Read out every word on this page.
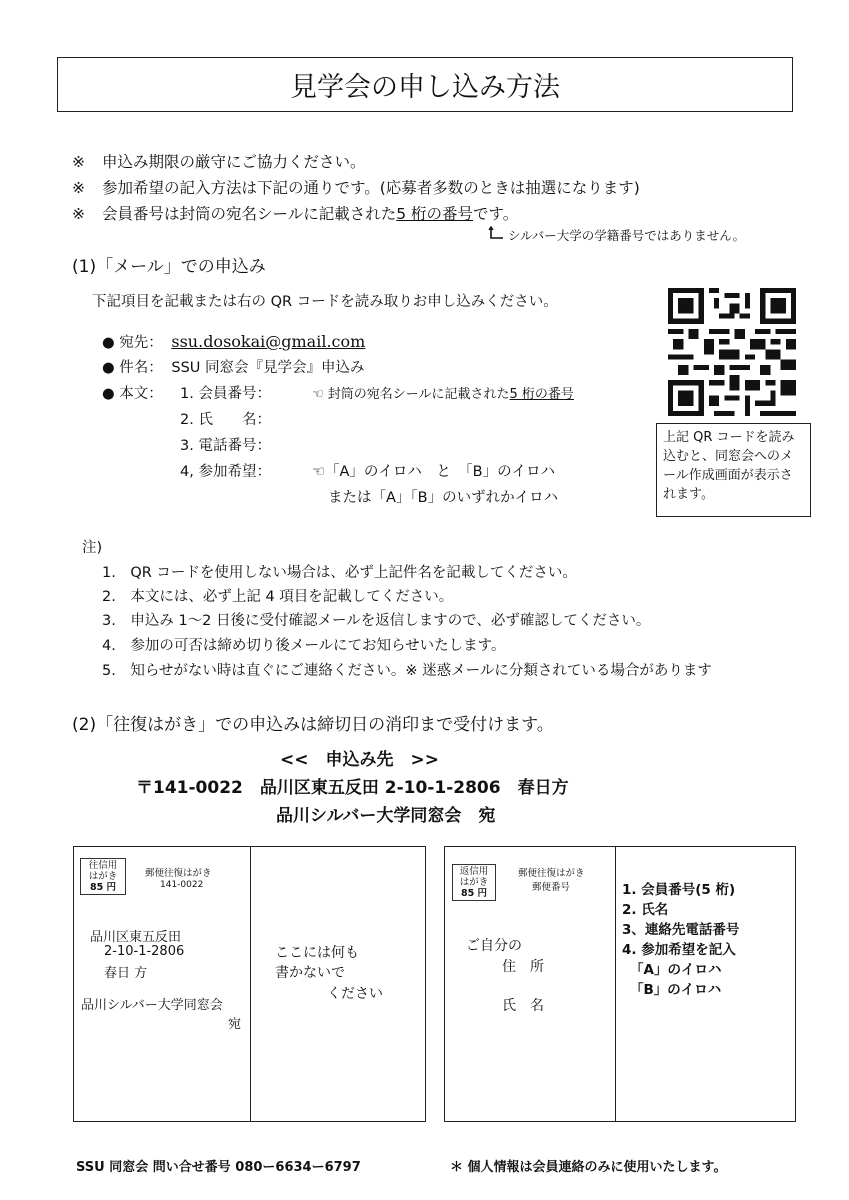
見学会の申し込み方法
※ 申込み期限の厳守にご協力ください。
※ 参加希望の記入方法は下記の通りです。(応募者多数のときは抽選になります)
※ 会員番号は封筒の宛名シールに記載された5 桁の番号です。
シルバー大学の学籍番号ではありません。
(1)「メール」での申込み
下記項目を記載または右の QR コードを読み取りお申し込みください。
上記 QR コードを読み込むと、同窓会へのメール作成画面が表示されます。
● 宛先： ssu.dosokai@gmail.com
● 件名： SSU 同窓会『見学会』申込み
● 本文： 1. 会員番号：	☜ 封筒の宛名シールに記載された5 桁の番号
2. 氏　　名：
3. 電話番号：
4, 参加希望：	☜「A」のイロハ　と　「B」のイロハ
または「A」「B」のいずれかイロハ
注)
1.　QR コードを使用しない場合は、必ず上記件名を記載してください。
2.　本文には、必ず上記 4 項目を記載してください。
3.　申込み 1〜2 日後に受付確認メールを返信しますので、必ず確認してください。
4.　参加の可否は締め切り後メールにてお知らせいたします。
5.　知らせがない時は直ぐにご連絡ください。※ 迷惑メールに分類されている場合があります
(2)「往復はがき」での申込みは締切日の消印まで受付けます。
<<　申込み先　>>
〒141-0022　品川区東五反田 2-10-1-2806　春日方
品川シルバー大学同窓会　宛
往信用
はがき
85 円
郵便往復はがき
141-0022
品川区東五反田
2-10-1-2806
春日 方
品川シルバー大学同窓会
宛
ここには何も
書かないで
ください
返信用
はがき
85 円
郵便往復はがき
郵便番号
ご自分の
住　所
氏　名
1. 会員番号(5 桁)
2. 氏名
3、連絡先電話番号
4. 参加希望を記入
「A」のイロハ
「B」のイロハ
SSU 同窓会 問い合せ番号 080ー6634ー6797	＊ 個人情報は会員連絡のみに使用いたします。
